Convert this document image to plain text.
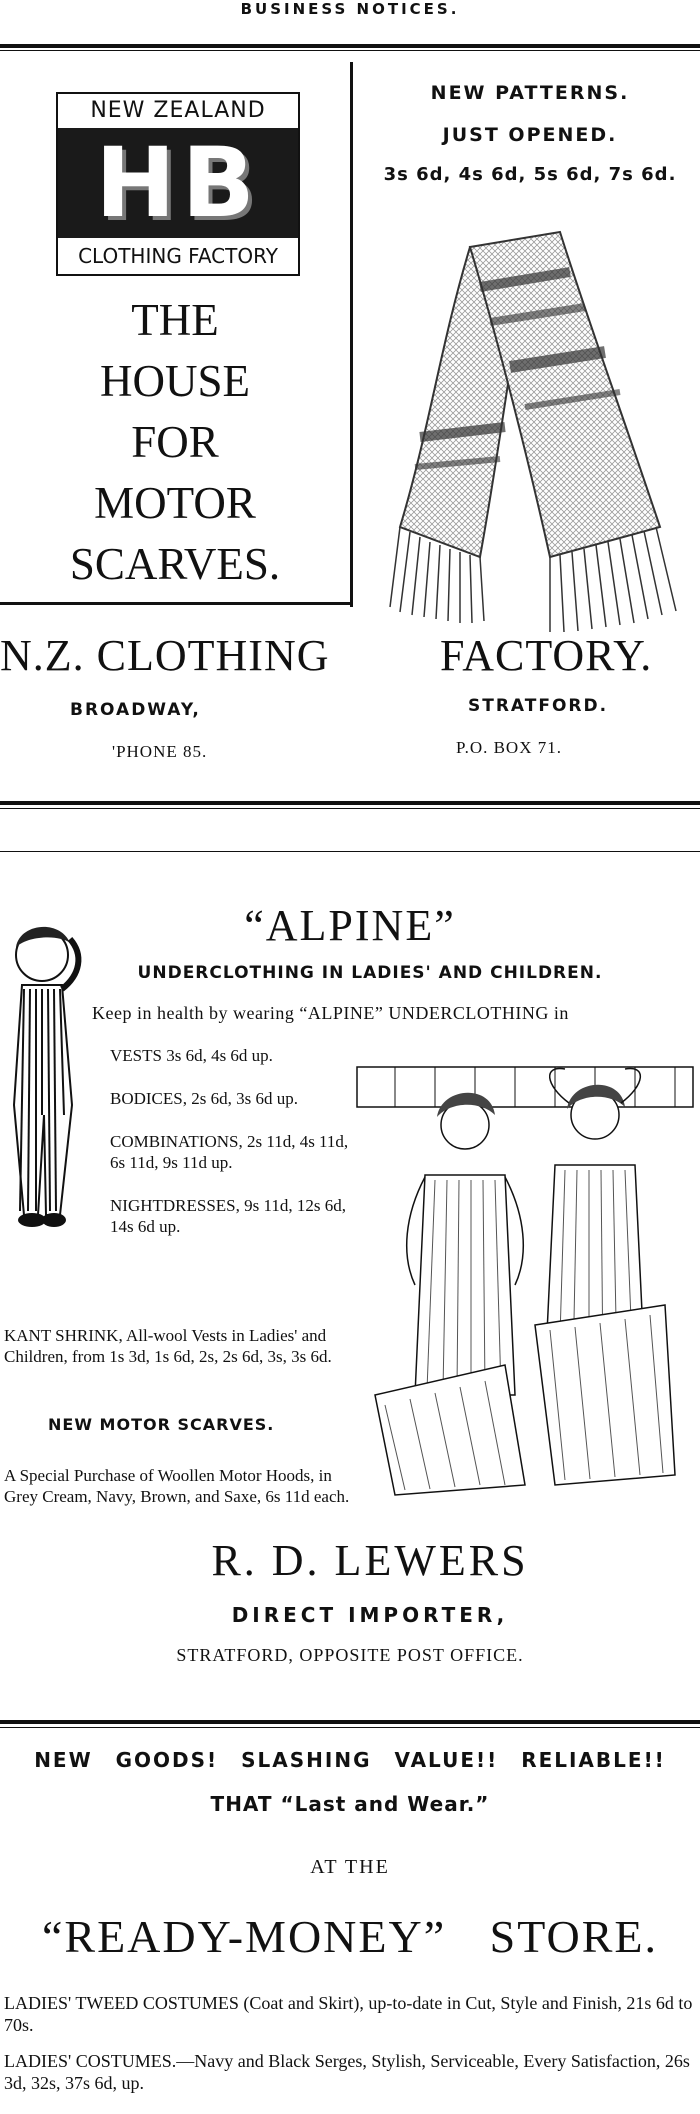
BUSINESS NOTICES.
NEW ZEALAND
HB
CLOTHING FACTORY
THE
HOUSE
FOR
MOTOR
SCARVES.
NEW PATTERNS.
JUST OPENED.
3s 6d, 4s 6d, 5s 6d, 7s 6d.
N.Z. CLOTHING	FACTORY.
BROADWAY,	STRATFORD.
'PHONE 85.	P.O. BOX 71.
“ALPINE”
UNDERCLOTHING IN LADIES' AND CHILDREN.
Keep in health by wearing “ALPINE” UNDERCLOTHING in

VESTS 3s 6d, 4s 6d up.

BODICES, 2s 6d, 3s 6d up.

COMBINATIONS, 2s 11d, 4s 11d, 6s 11d, 9s 11d up.

NIGHTDRESSES, 9s 11d, 12s 6d, 14s 6d up.

KANT SHRINK, All-wool Vests in Ladies' and Children, from 1s 3d, 1s 6d, 2s, 2s 6d, 3s, 3s 6d.
NEW MOTOR SCARVES.
A Special Purchase of Woollen Motor Hoods, in Grey Cream, Navy, Brown, and Saxe, 6s 11d each.
R. D. LEWERS
DIRECT IMPORTER,
STRATFORD, OPPOSITE POST OFFICE.
NEW GOODS! SLASHING VALUE!! RELIABLE!!
THAT “Last and Wear.”
AT THE
“READY-MONEY” STORE.
LADIES' TWEED COSTUMES (Coat and Skirt), up-to-date in Cut, Style and Finish, 21s 6d to 70s.
LADIES' COSTUMES.—Navy and Black Serges, Stylish, Serviceable, Every Satisfaction, 26s 3d, 32s, 37s 6d, up.
